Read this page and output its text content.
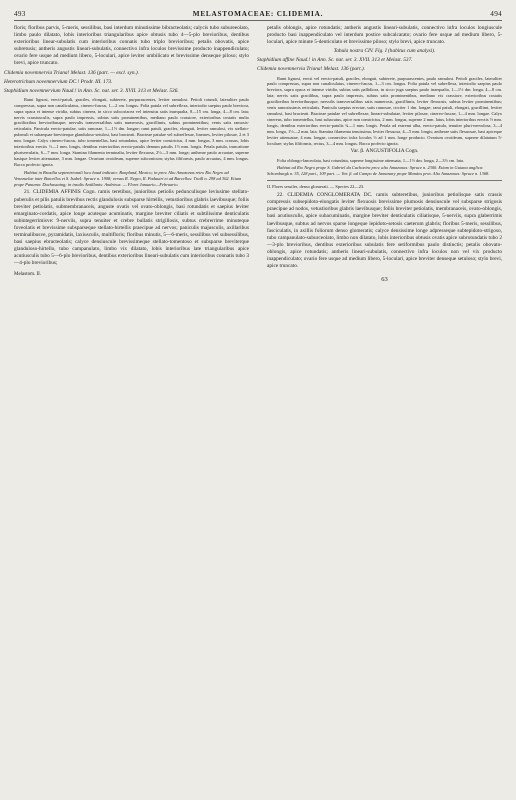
493	MELASTOMACEAE: CLIDEMIA.	494

floris; floribus parvis, 5-meris, sessilibus, basi interdum minutissime bibracteolatis; calycis tubo subureeolato, limbo paulo dilatato, lobis interioribus triangularibus apice obtusis tubo 4—5-plo brevioribus, dentibus exterioribus linear-subulatis cum interioribus connatis tubo triplo brevioribus; petalis obovatis, apice subretusis; antheris angustis lineari-subulatis, connectivo infra loculos brevissime producto inappendiculato; ovario fere usque ad medium libero, 5-loculari, apice leviter umbilicato et brevissime denseque piloso; stylo brevi, apice truncato.

Clidemia novemnervia Triana! Melast. 136 (part. — excl. syn.).

Heterotrichum novemnervium DC.! Prodr. III. 173.

Staphidium novemnervium Naud.! in Ann. Sc. nat. ser. 3. XVII. 313 et Melast. 536.

Rami lignosi, erecti-patuli, graciles, elongati, subterete, purpurascentes, leviter ramulosi. Petioli rotundi, lateraliter paulo compressus, supra non canaliculatus, cinereo-fuscus, 1—2 cm. longus. Folia patula vel subreflexa, interiodio saepius paulo breviora, supra opaca et intense viridia, subtus cinerea, in sicco subcoriacea vel intensius satis inaequalia, 8—15 cm. longa, 4—8 cm. lata; nervis crassiusculis, supra paulo impressis, subtus satis prominentibus, mediano paulo crassiore, exterioribus costatis multo gracilioribus brevioribusque; nervulis transversalibus satis numerosis, gracillimis, subtus prominentibus; venis satis ramosis-reticulatis. Panicula erecto-patulae, satis ramosae, 1—1½ dm. longae; rami patuli, graciles, elongati, leviter ramulosi, vix stellato-puberuli et subaequae breviterque glanduloso-setulosi, basi bracteati. Bracteae patulae vel subreflexae, lineares, leviter pilosae, 2 et 3 mm. longae. Calyx cinereo-fuscus, tubo tomentellus, basi rotundatus, apice leviter constrictus, 4 mm. longus, 3 mm. crassus, lobis interioribus erectis ½—1 mm. longis, dentibus exterioribus erecto-patulis demum patulis 1½ mm. longis. Petala patula, truncatione pluriserrulatis, 6—7 mm. longa. Stamina filamenta terminalia, leviter flexuosa, 2½—3 mm. longa; antherae paulo arcuatae, superne basique leviter attenuatae, 3 mm. longae. Ovarium ovoideum, superne subconicum; stylus filiformis, paulo arcuatus, 4 mm. longus. Bacca profecto ignota.

Habitat in Brasilia septentrionali loco haud indicato: Bonpland, Mexico; in prov. Alto Amazonas retro Rio Negro ad Venezuelae inter Barcellos et S. Isabel: Spruce n. 1908; versus R. Negro, R. Padauiri et ad Barcellos: Traill n. 298 ad 302. Etiam prope Panuma: Duchassaing; in insulis Antillanis: Andrieux. — Floret Januario—Februario.

21. CLIDEMIA AFFINIS Cogn. ramis teretibus, junioribus petiolis pedunculisque leviusime stellato-puberulis et pilis patulis brevibus rectis glandulosis subsparse hirtellis, vetustioribus glabris laevibusque; foliis breviter petiolatis, submembranaceis, anguste ovatis vel ovato-oblongis, basi rotundatis et saepius leviter emarginato-cordatis, apice longe acuteque acuminatis, margine breviter ciliatis et subtilissime denticulatis subintegerrimisve: 9-nerviis, supra tenuiter et crebre bullatis strigillosis, subtus crebrerrime minuteque foveolatis et brevissime subsparseque stellato-hirtellis praecipue ad nervos; paniculis majusculis, axillaribus terminalibusve, pyramidatis, laxiusculis, multifloris; floribus minutis, 5—6-meris, sessilibus vel subsessilibus, basi saepius ebracteolatis; calyce densiuscule brevissimeque stellato-tomentoso et subsparse breviterque glanduloso-hirtello, tubo campanulato, limbo vix dilatato, lobis interioribus late triangularibus apice acutiusculis tubo 5—6-plo brevioribus, dentibus exterioribus lineari-subulatis cum interioribus connatis tubo 3—4-plo brevioribus;

Melastom. II.

petalis oblongis, apice rotundatis; antheris angustis lineari-subulatis, connectivo infra loculos longiuscule producto basi inappendiculato vel interdum postice subcalcarato; ovario fere usque ad medium libero, 5-loculari, apice minute 5-denticulato et brevissime piloso; stylo brevi, apice truncato.

Tabula nostra CIV. Fig. I (habitus cum analysi).

Staphidium affine Naud.! in Ann. Sc. nat. ser. 3. XVII. 313 et Melast. 537.

Clidemia novemnervia Triana! Melast. 136 (part.).

Rami lignosi, erecti vel erecto-patuli, graciles, elongati, subterete, purpurascentes, paulo ramulosi. Petioli graciles, lateraliter paulo compressus, supra non canaliculatus, cinereo-fuscus, 1—3 cm. longus. Folia patula vel subreflexa, interiodio saepius paulo breviora, supra opaca et intense viridia, subtus satis pallidiora, in sicco juga saepius paulo inaequalia, 1—1½ dm. longa, 4—8 cm. lata; nervis satis gracilibus, supra paulo impressis, subtus satis prominentibus, mediano vix crassiore, exterioribus costatis gracilioribus brevioribusque; nervulis transversalibus satis numerosis, gracillimis, leviter flexuosis, subtus leviter prominentibus; venis ramosissimis reticulatis. Panicula saepius erectae, satis ramosae, circiter 1 dm. longae; rami patuli, elongati, gracillimi, leviter ramulosi, basi bracteati. Bracteae patulae vel subreflexae, lineari-subulatae, leviter pilosae, cinereo-fuscae, 1—4 mm. longae. Calyx cinereus, tubo tomentellus, basi subacutus, apice non constrictus, 2 mm. longus, superne 2 mm. latus, lobis interioribus erectis ½ mm. longis, dentibus exterioribus erecto-patulis ¾—1 mm. longis. Petala ad extremi alba, erecto-patula, tenuiter pluri-nervulosa, 3—4 mm. longa, 1½—2 mm. lata. Stamina filamenta tenuissima, leviter flexuosa, 4—5 mm. longis; antherae satis flexuosae, basi apiceque leviter attenuatae, 4 mm. longae, connectivo infra loculos ⅓ ad 1 mm. longe producto. Ovarium ovoideum, superne dilatatum 5-loculare; stylus filiformis, rectus, 3—4 mm. longus. Bacca profecto ignota.

Var. β. ANGUSTIFOLIA Cogn.

Folia oblongo-lanceolata, basi rotundata, superne longissime attenuata, 1—1½ dm. longa, 2—3½ cm. lata.

Habitat ad Rio Negro prope S. Gabriel da Cachoeira prov. alto Amazonas: Spruce n. 2300. Etiam in Guiana anglica: Schomburgk n. 35, 128 part., 109 part. — Var. β. ad Campo de Jamanary prope Manáos prov. Alto Amazonas: Spruce n. 1368.

II. Flores sessiles, denso glomerati. — Species 22—23.

22. CLIDEMIA CONGLOMERATA DC. ramis subteretibus, junioribus petiolisque satis crassis compressis subsepidoto-elongatis leviter flexuosis brevissime plumosis densiuscule vel subsparse strigosis praecipue ad nodos, vetustioribus glabris laevibusque; foliis breviter petiolatis, membranaceis, ovato-oblongis, basi acutiusculis, apice subacuminatis, margine breviter denticulatis ciliatisque, 5-nerviis, supra glaberrimis laevibusque, subtus ad nervos sparse longeque lepidoto-setosis caeterum glabris; floribus 5-meris, sessilibus, fasciculatis, in axillis foliorum denso glomeratis; calyce densissime longe adpresseque subtepidoto-strigoso, tubo campanulato-suburceolato, limbo non dilatato, lobis interioribus obtusis ovatis apice subrotundatis tubo 2—3-plo brevioribus, dentibus exterioribus subulatis fere setiformibus paulo distinctis; petalis obovato-oblongis, apice rotundatis; antheris lineari-subulatis, connectivo infra loculos non vel vix producto inappendiculato; ovario fere usque ad medium libero, 5-loculari, apice breviter denseque setuloso; stylo brevi, apice truncato.

63
